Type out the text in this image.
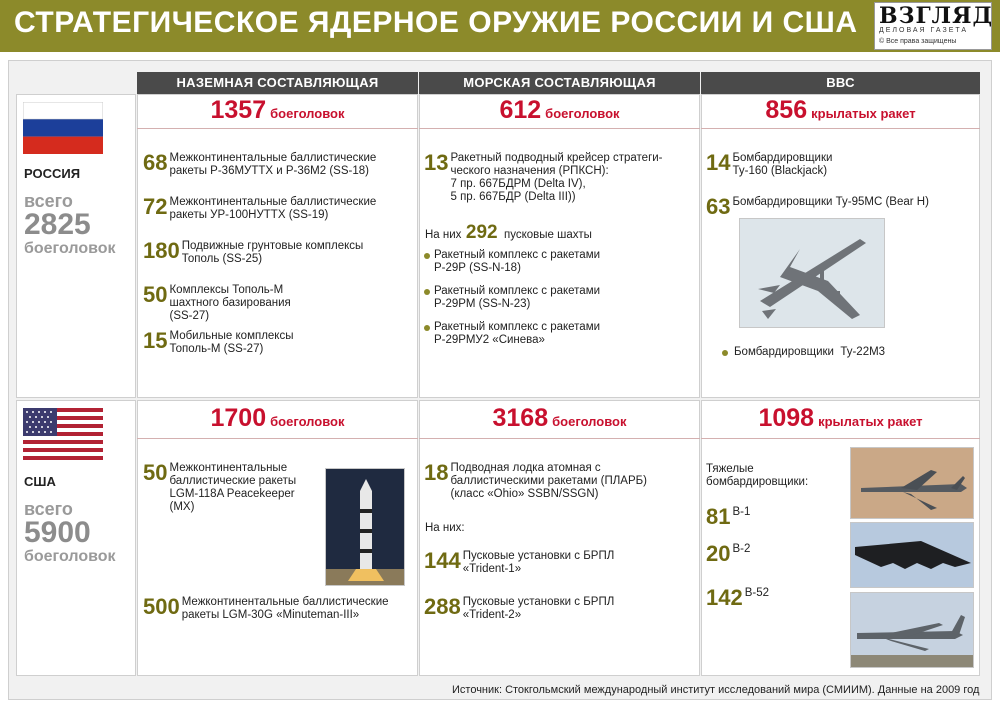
СТРАТЕГИЧЕСКОЕ ЯДЕРНОЕ ОРУЖИЕ РОССИИ И США ВЗГЛЯД
ДЕЛОВАЯ ГАЗЕТА
© Все права защищены
НАЗЕМНАЯ СОСТАВЛЯЮЩАЯ	МОРСКАЯ СОСТАВЛЯЮЩАЯ	ВВС
РОССИЯ
всего
2825
боеголовок
США
всего
5900
боеголовок
1357 боеголовок
68 Межконтинентальные баллистические ракеты Р-36МУТТХ и Р-36М2 (SS-18)
72 Межконтинентальные баллистические ракеты УР-100НУТТХ (SS-19)
180 Подвижные грунтовые комплексы Тополь (SS-25)
50 Комплексы Тополь-М шахтного базирования (SS-27)
15 Мобильные комплексы Тополь-М (SS-27)
612 боеголовок
13 Ракетный подводный крейсер стратеги-
ческого назначения (РПКСН):
7 пр. 667БДРМ (Delta IV),
5 пр. 667БДР (Delta III))
На них 292 пусковые шахты
Ракетный комплекс с ракетами
Р-29Р (SS-N-18)
Ракетный комплекс с ракетами
Р-29РМ (SS-N-23)
Ракетный комплекс с ракетами
Р-29РМУ2 «Синева»
856 крылатых ракет
14 Бомбардировщики Ту-160 (Blackjack)
63 Бомбардировщики Ту-95МС (Bear H)
Бомбардировщики  Ту-22М3
1700 боеголовок
50 Межконтинентальные баллистические ракеты LGM-118A Peacekeeper (MX)
500 Межконтинентальные баллистические ракеты LGM-30G «Minuteman-III»
3168 боеголовок
18 Подводная лодка атомная с баллистическими ракетами (ПЛАРБ) (класс «Ohio» SSBN/SSGN)
На них:
144 Пусковые установки с БРПЛ «Trident-1»
288 Пусковые установки с БРПЛ «Trident-2»
1098 крылатых ракет
Тяжелые бомбардировщики:
81 В-1
20 В-2
142 В-52
Источник: Стокгольмский международный институт исследований мира (СМИИМ). Данные на 2009 год
